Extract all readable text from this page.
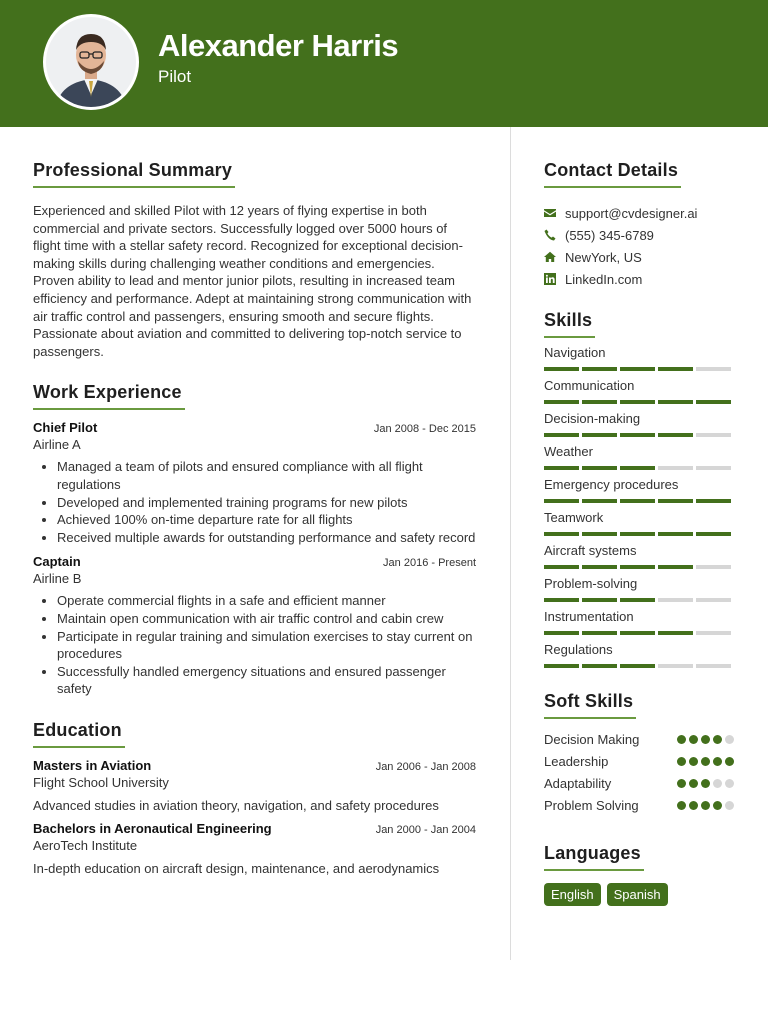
Alexander Harris
Pilot
Professional Summary

Experienced and skilled Pilot with 12 years of flying expertise in both commercial and private sectors. Successfully logged over 5000 hours of flight time with a stellar safety record. Recognized for exceptional decision-making skills during challenging weather conditions and emergencies. Proven ability to lead and mentor junior pilots, resulting in increased team efficiency and performance. Adept at maintaining strong communication with air traffic control and passengers, ensuring smooth and secure flights. Passionate about aviation and committed to delivering top-notch service to passengers.

Work Experience
Chief Pilot	Jan 2008 - Dec 2015
Airline A
• Managed a team of pilots and ensured compliance with all flight regulations
• Developed and implemented training programs for new pilots
• Achieved 100% on-time departure rate for all flights
• Received multiple awards for outstanding performance and safety record
Captain	Jan 2016 - Present
Airline B
• Operate commercial flights in a safe and efficient manner
• Maintain open communication with air traffic control and cabin crew
• Participate in regular training and simulation exercises to stay current on procedures
• Successfully handled emergency situations and ensured passenger safety
Education
Masters in Aviation	Jan 2006 - Jan 2008
Flight School University
Advanced studies in aviation theory, navigation, and safety procedures
Bachelors in Aeronautical Engineering	Jan 2000 - Jan 2004
AeroTech Institute
In-depth education on aircraft design, maintenance, and aerodynamics
Contact Details
support@cvdesigner.ai
(555) 345-6789
NewYork, US
LinkedIn.com
Skills
Navigation
Communication
Decision-making
Weather
Emergency procedures
Teamwork
Aircraft systems
Problem-solving
Instrumentation
Regulations
Soft Skills
Decision Making
Leadership
Adaptability
Problem Solving
Languages
English	Spanish
